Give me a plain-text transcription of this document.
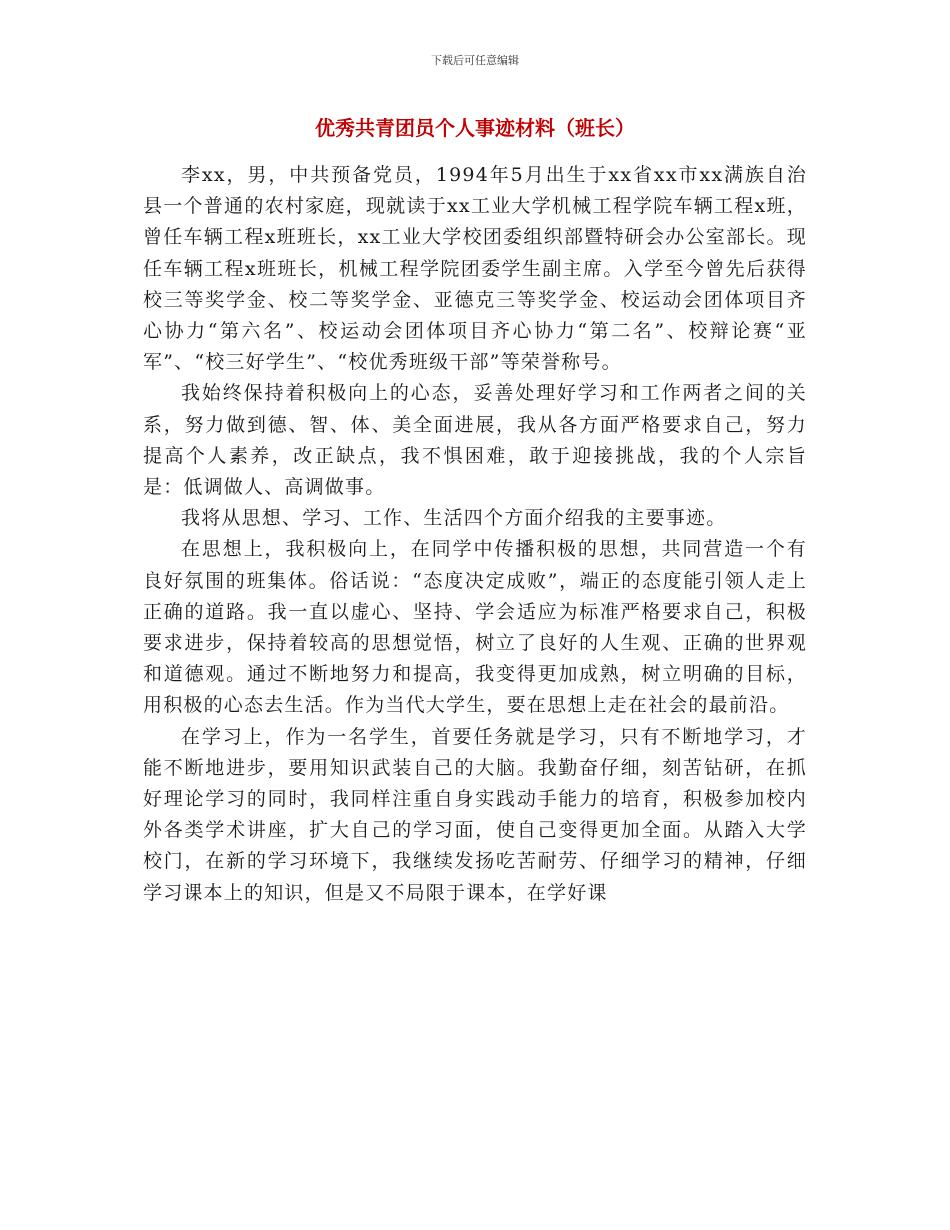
下载后可任意编辑
优秀共青团员个人事迹材料（班长）

李xx，男，中共预备党员，1994年5月出生于xx省xx市xx满族自治县一个普通的农村家庭，现就读于xx工业大学机械工程学院车辆工程x班，曾任车辆工程x班班长，xx工业大学校团委组织部暨特研会办公室部长。现任车辆工程x班班长，机械工程学院团委学生副主席。入学至今曾先后获得校三等奖学金、校二等奖学金、亚德克三等奖学金、校运动会团体项目齐心协力“第六名”、校运动会团体项目齐心协力“第二名”、校辩论赛“亚军”、“校三好学生”、“校优秀班级干部”等荣誉称号。

我始终保持着积极向上的心态，妥善处理好学习和工作两者之间的关系，努力做到德、智、体、美全面进展，我从各方面严格要求自己，努力提高个人素养，改正缺点，我不惧困难，敢于迎接挑战，我的个人宗旨是：低调做人、高调做事。

我将从思想、学习、工作、生活四个方面介绍我的主要事迹。

在思想上，我积极向上，在同学中传播积极的思想，共同营造一个有良好氛围的班集体。俗话说：“态度决定成败”，端正的态度能引领人走上正确的道路。我一直以虚心、坚持、学会适应为标准严格要求自己，积极要求进步，保持着较高的思想觉悟，树立了良好的人生观、正确的世界观和道德观。通过不断地努力和提高，我变得更加成熟，树立明确的目标，用积极的心态去生活。作为当代大学生，要在思想上走在社会的最前沿。

在学习上，作为一名学生，首要任务就是学习，只有不断地学习，才能不断地进步，要用知识武装自己的大脑。我勤奋仔细，刻苦钻研，在抓好理论学习的同时，我同样注重自身实践动手能力的培育，积极参加校内外各类学术讲座，扩大自己的学习面，使自己变得更加全面。从踏入大学校门，在新的学习环境下，我继续发扬吃苦耐劳、仔细学习的精神，仔细学习课本上的知识，但是又不局限于课本，在学好课
